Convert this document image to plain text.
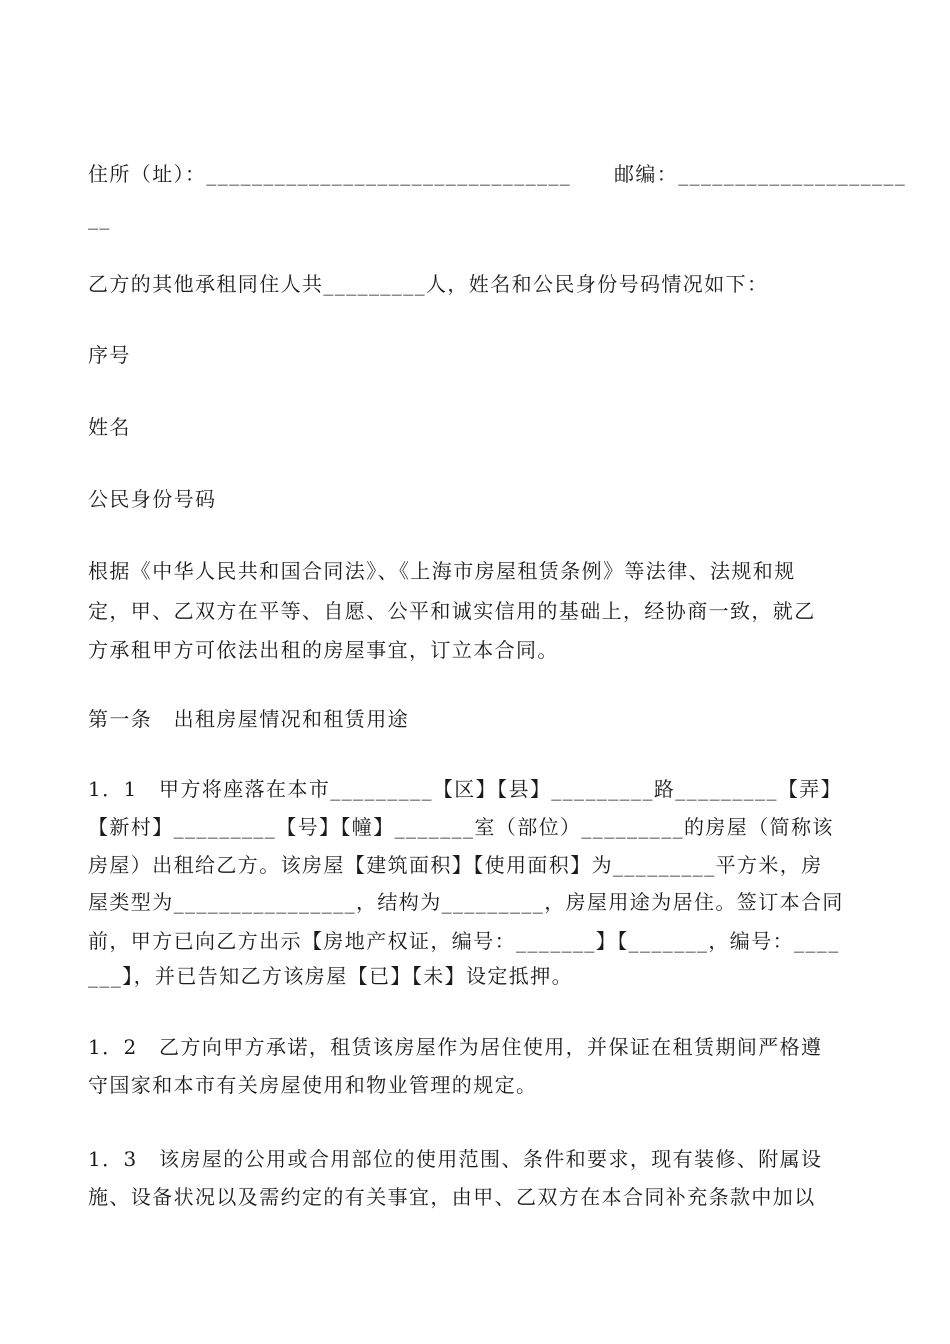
住所（址）：________________________________　　邮编：____________________
__
乙方的其他承租同住人共_________人，姓名和公民身份号码情况如下：
序号
姓名
公民身份号码
根据《中华人民共和国合同法》、《上海市房屋租赁条例》等法律、法规和规
定，甲、乙双方在平等、自愿、公平和诚实信用的基础上，经协商一致，就乙
方承租甲方可依法出租的房屋事宜，订立本合同。
第一条　出租房屋情况和租赁用途
1．1　甲方将座落在本市_________【区】【县】_________路_________【弄】
【新村】_________【号】【幢】_______室（部位）_________的房屋（简称该
房屋）出租给乙方。该房屋【建筑面积】【使用面积】为_________平方米，房
屋类型为________________，结构为_________，房屋用途为居住。签订本合同
前，甲方已向乙方出示【房地产权证，编号：_______】【_______，编号：____
___】，并已告知乙方该房屋【已】【未】设定抵押。
1．2　乙方向甲方承诺，租赁该房屋作为居住使用，并保证在租赁期间严格遵
守国家和本市有关房屋使用和物业管理的规定。
1．3　该房屋的公用或合用部位的使用范围、条件和要求，现有装修、附属设
施、设备状况以及需约定的有关事宜，由甲、乙双方在本合同补充条款中加以
